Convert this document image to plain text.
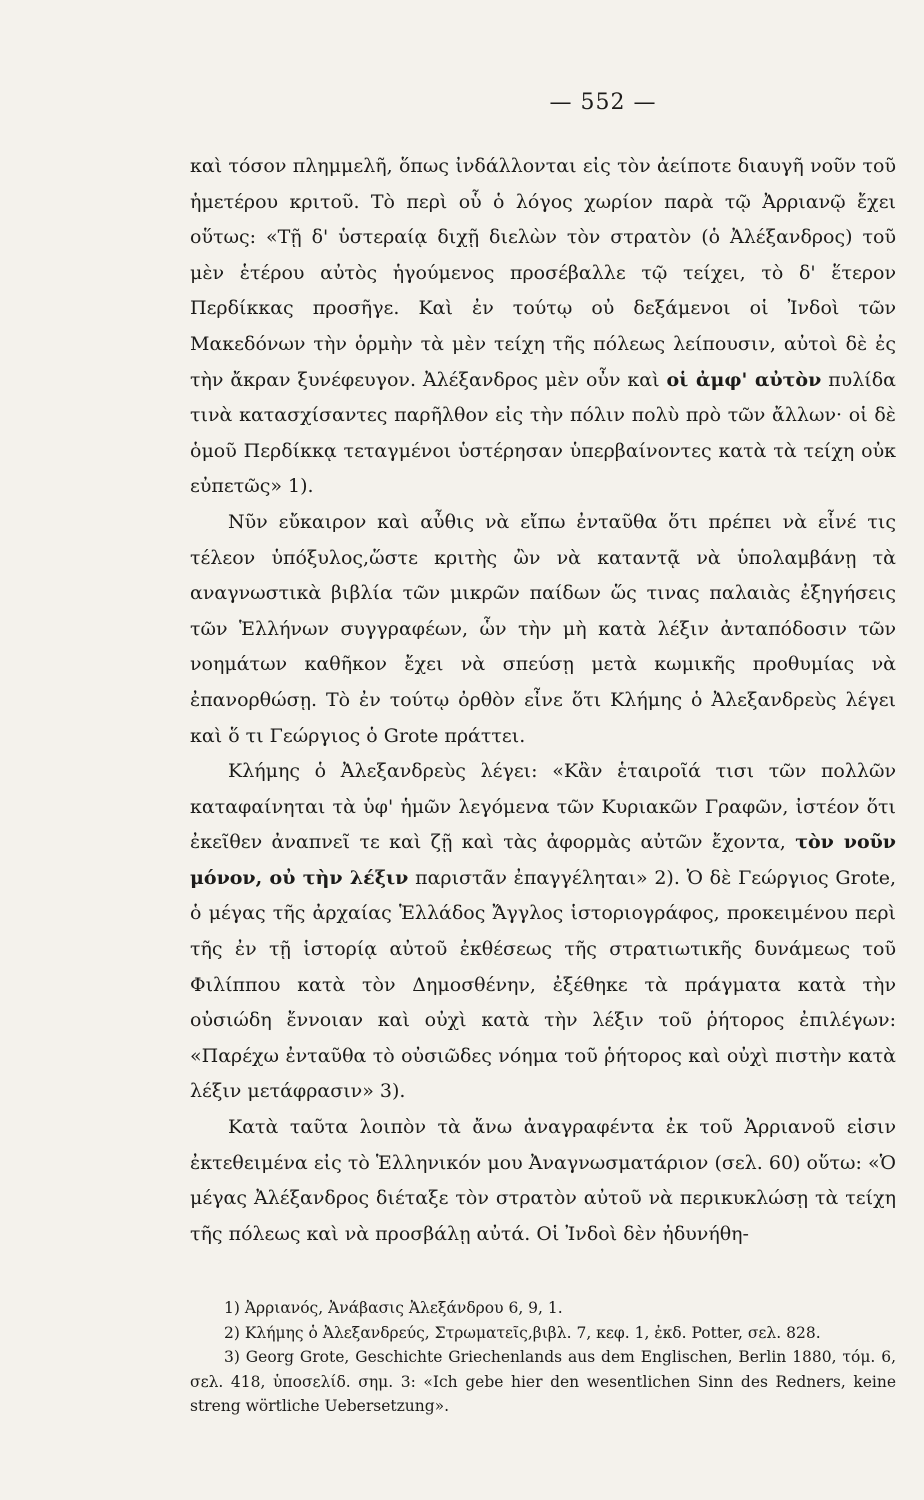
— 552 —

καὶ τόσον πλημμελῆ, ὅπως ἰνδάλλονται εἰς τὸν ἀείποτε διαυγῆ νοῦν τοῦ ἡμετέρου κριτοῦ. Τὸ περὶ οὗ ὁ λόγος χωρίον παρὰ τῷ Ἀρριανῷ ἔχει οὕτως: «Τῇ δ' ὑστεραίᾳ διχῇ διελὼν τὸν στρατὸν (ὁ Ἀλέξανδρος) τοῦ μὲν ἑτέρου αὐτὸς ἡγούμενος προσέβαλλε τῷ τείχει, τὸ δ' ἕτερον Περδίκκας προσῆγε. Καὶ ἐν τούτῳ οὐ δεξάμενοι οἱ Ἰνδοὶ τῶν Μακεδόνων τὴν ὁρμὴν τὰ μὲν τείχη τῆς πόλεως λείπουσιν, αὐτοὶ δὲ ἐς τὴν ἄκραν ξυνέφευγον. Ἀλέξανδρος μὲν οὖν καὶ οἱ ἀμφ' αὐτὸν πυλίδα τινὰ κατασχίσαντες παρῆλθον εἰς τὴν πόλιν πολὺ πρὸ τῶν ἄλλων· οἱ δὲ ὁμοῦ Περδίκκᾳ τεταγμένοι ὑστέρησαν ὑπερβαίνοντες κατὰ τὰ τείχη οὐκ εὐπετῶς» 1).

Νῦν εὔκαιρον καὶ αὖθις νὰ εἴπω ἐνταῦθα ὅτι πρέπει νὰ εἶνέ τις τέλεον ὑπόξυλος,ὥστε κριτὴς ὢν νὰ καταντᾷ νὰ ὑπολαμβάνῃ τὰ αναγνωστικὰ βιβλία τῶν μικρῶν παίδων ὥς τινας παλαιὰς ἐξηγήσεις τῶν Ἑλλήνων συγγραφέων, ὧν τὴν μὴ κατὰ λέξιν ἀνταπόδοσιν τῶν νοημάτων καθῆκον ἔχει νὰ σπεύσῃ μετὰ κωμικῆς προθυμίας νὰ ἐπανορθώσῃ. Τὸ ἐν τούτῳ ὀρθὸν εἶνε ὅτι Κλήμης ὁ Ἀλεξανδρεὺς λέγει καὶ ὅ τι Γεώργιος ὁ Grote πράττει.

Κλήμης ὁ Ἀλεξανδρεὺς λέγει: «Κἂν ἑταιροῖά τισι τῶν πολλῶν καταφαίνηται τὰ ὑφ' ἡμῶν λεγόμενα τῶν Κυριακῶν Γραφῶν, ἰστέον ὅτι ἐκεῖθεν ἀναπνεῖ τε καὶ ζῇ καὶ τὰς ἀφορμὰς αὐτῶν ἔχοντα, τὸν νοῦν μόνον, οὐ τὴν λέξιν παριστᾶν ἐπαγγέληται» 2). Ὁ δὲ Γεώργιος Grote, ὁ μέγας τῆς ἀρχαίας Ἑλλάδος Ἄγγλος ἱστοριογράφος, προκειμένου περὶ τῆς ἐν τῇ ἱστορίᾳ αὐτοῦ ἐκθέσεως τῆς στρατιωτικῆς δυνάμεως τοῦ Φιλίππου κατὰ τὸν Δημοσθένην, ἐξέθηκε τὰ πράγματα κατὰ τὴν οὐσιώδη ἔννοιαν καὶ οὐχὶ κατὰ τὴν λέξιν τοῦ ῥήτορος ἐπιλέγων: «Παρέχω ἐνταῦθα τὸ οὐσιῶδες νόημα τοῦ ῥήτορος καὶ οὐχὶ πιστὴν κατὰ λέξιν μετάφρασιν» 3).

Κατὰ ταῦτα λοιπὸν τὰ ἄνω ἀναγραφέντα ἐκ τοῦ Ἀρριανοῦ εἰσιν ἐκτεθειμένα εἰς τὸ Ἑλληνικόν μου Ἀναγνωσματάριον (σελ. 60) οὕτω: «Ὁ μέγας Ἀλέξανδρος διέταξε τὸν στρατὸν αὐτοῦ νὰ περικυκλώσῃ τὰ τείχη τῆς πόλεως καὶ νὰ προσβάλῃ αὐτά. Οἱ Ἰνδοὶ δὲν ἠδυνήθη-

1) Ἀρριανός, Ἀνάβασις Ἀλεξάνδρου 6, 9, 1.

2) Κλήμης ὁ Ἀλεξανδρεύς, Στρωματεῖς,βιβλ. 7, κεφ. 1, ἐκδ. Potter, σελ. 828.

3) Georg Grote, Geschichte Griechenlands aus dem Englischen, Berlin 1880, τόμ. 6, σελ. 418, ὑποσελίδ. σημ. 3: «Ich gebe hier den wesentlichen Sinn des Redners, keine streng wörtliche Uebersetzung».
